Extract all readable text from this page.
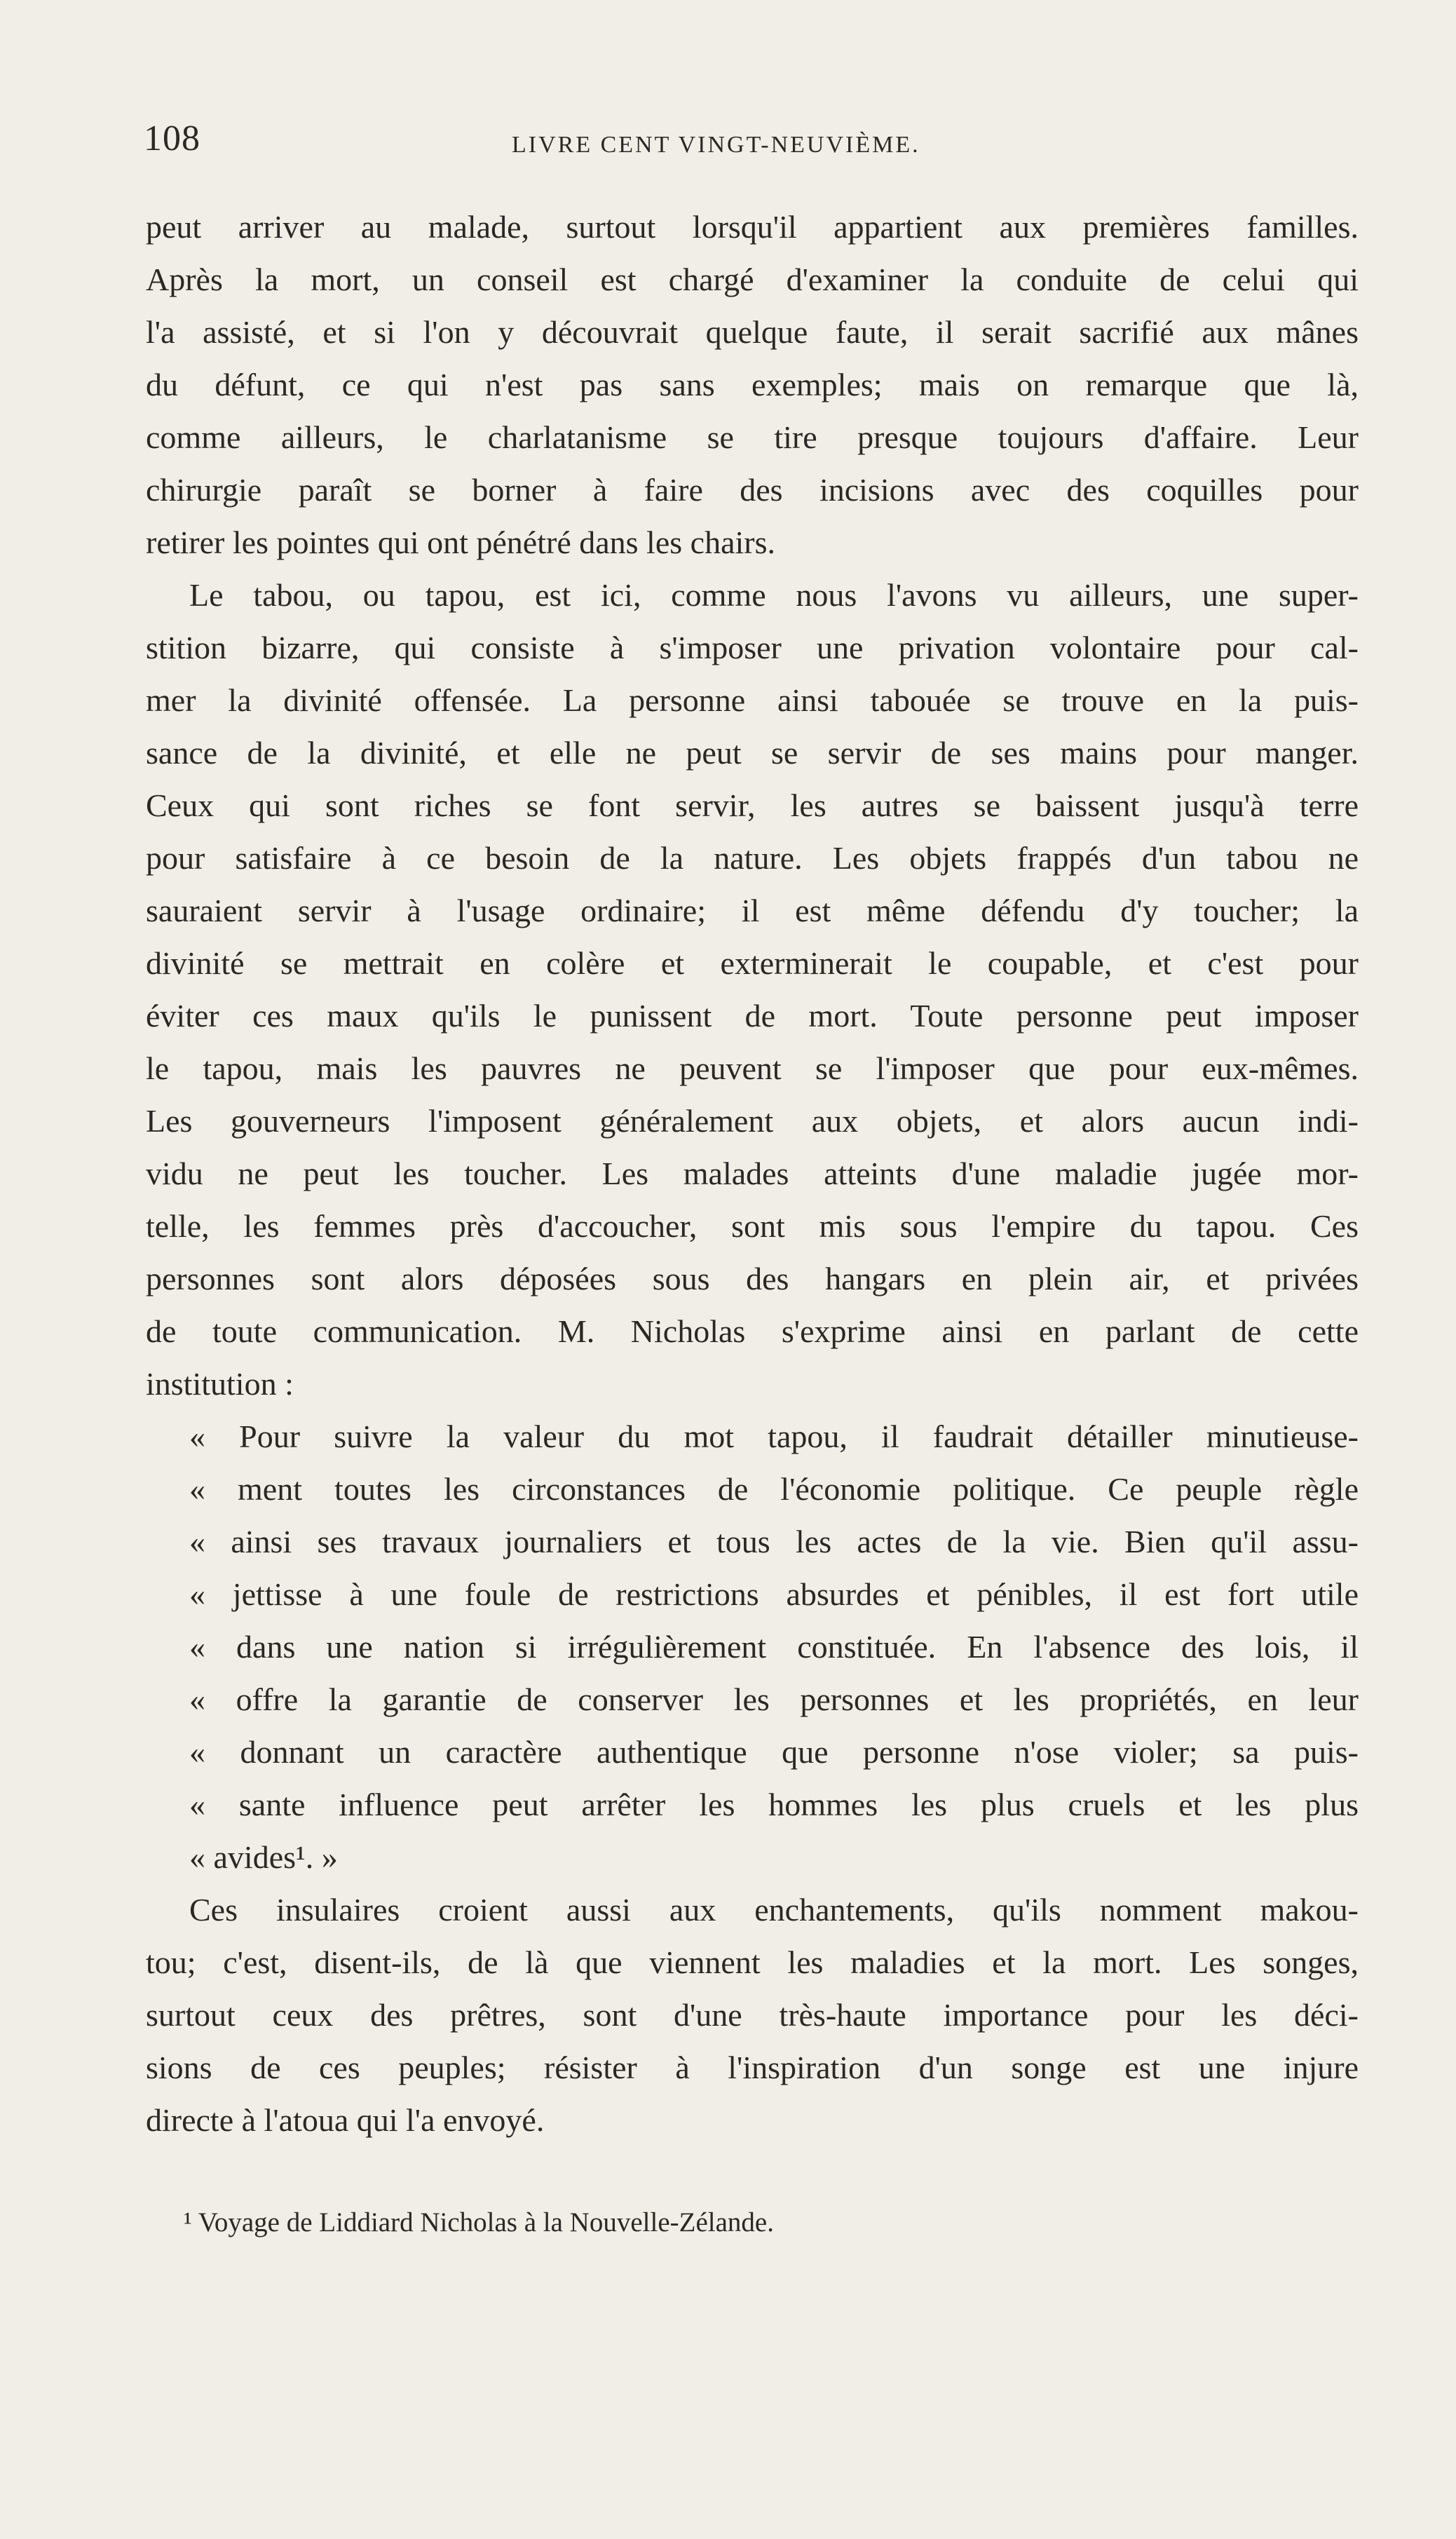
108	LIVRE CENT VINGT-NEUVIÈME.
peut arriver au malade, surtout lorsqu'il appartient aux premières familles.
Après la mort, un conseil est chargé d'examiner la conduite de celui qui
l'a assisté, et si l'on y découvrait quelque faute, il serait sacrifié aux mânes
du défunt, ce qui n'est pas sans exemples; mais on remarque que là,
comme ailleurs, le charlatanisme se tire presque toujours d'affaire. Leur
chirurgie paraît se borner à faire des incisions avec des coquilles pour
retirer les pointes qui ont pénétré dans les chairs.
Le tabou, ou tapou, est ici, comme nous l'avons vu ailleurs, une super-
stition bizarre, qui consiste à s'imposer une privation volontaire pour cal-
mer la divinité offensée. La personne ainsi tabouée se trouve en la puis-
sance de la divinité, et elle ne peut se servir de ses mains pour manger.
Ceux qui sont riches se font servir, les autres se baissent jusqu'à terre
pour satisfaire à ce besoin de la nature. Les objets frappés d'un tabou ne
sauraient servir à l'usage ordinaire; il est même défendu d'y toucher; la
divinité se mettrait en colère et exterminerait le coupable, et c'est pour
éviter ces maux qu'ils le punissent de mort. Toute personne peut imposer
le tapou, mais les pauvres ne peuvent se l'imposer que pour eux-mêmes.
Les gouverneurs l'imposent généralement aux objets, et alors aucun indi-
vidu ne peut les toucher. Les malades atteints d'une maladie jugée mor-
telle, les femmes près d'accoucher, sont mis sous l'empire du tapou. Ces
personnes sont alors déposées sous des hangars en plein air, et privées
de toute communication. M. Nicholas s'exprime ainsi en parlant de cette
institution :
« Pour suivre la valeur du mot tapou, il faudrait détailler minutieuse-
« ment toutes les circonstances de l'économie politique. Ce peuple règle
« ainsi ses travaux journaliers et tous les actes de la vie. Bien qu'il assu-
« jettisse à une foule de restrictions absurdes et pénibles, il est fort utile
« dans une nation si irrégulièrement constituée. En l'absence des lois, il
« offre la garantie de conserver les personnes et les propriétés, en leur
« donnant un caractère authentique que personne n'ose violer; sa puis-
« sante influence peut arrêter les hommes les plus cruels et les plus
« avides¹. »
Ces insulaires croient aussi aux enchantements, qu'ils nomment makou-
tou; c'est, disent-ils, de là que viennent les maladies et la mort. Les songes,
surtout ceux des prêtres, sont d'une très-haute importance pour les déci-
sions de ces peuples; résister à l'inspiration d'un songe est une injure
directe à l'atoua qui l'a envoyé.
¹ Voyage de Liddiard Nicholas à la Nouvelle-Zélande.
